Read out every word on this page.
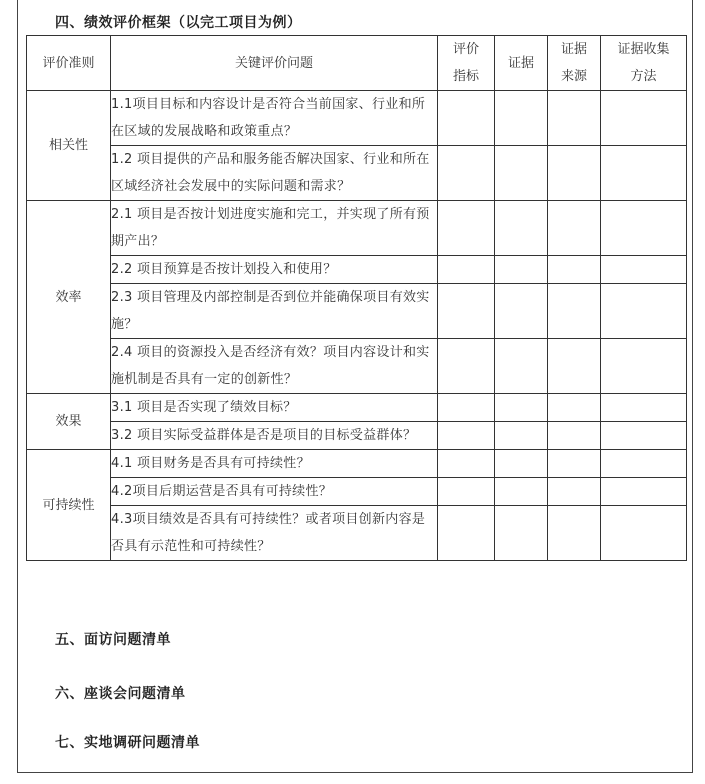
四、绩效评价框架（以完工项目为例）
评价准则	关键评价问题	评价指标	证据	证据来源	证据收集方法
相关性	1.1项目目标和内容设计是否符合当前国家、行业和所在区域的发展战略和政策重点？				
	1.2 项目提供的产品和服务能否解决国家、行业和所在区域经济社会发展中的实际问题和需求？				
效率	2.1 项目是否按计划进度实施和完工，并实现了所有预期产出？				
	2.2 项目预算是否按计划投入和使用？				
	2.3 项目管理及内部控制是否到位并能确保项目有效实施？				
	2.4 项目的资源投入是否经济有效？项目内容设计和实施机制是否具有一定的创新性？				
效果	3.1 项目是否实现了绩效目标？				
	3.2 项目实际受益群体是否是项目的目标受益群体？				
可持续性	4.1 项目财务是否具有可持续性？				
	4.2项目后期运营是否具有可持续性？				
	4.3项目绩效是否具有可持续性？或者项目创新内容是否具有示范性和可持续性？				
五、面访问题清单
六、座谈会问题清单
七、实地调研问题清单
